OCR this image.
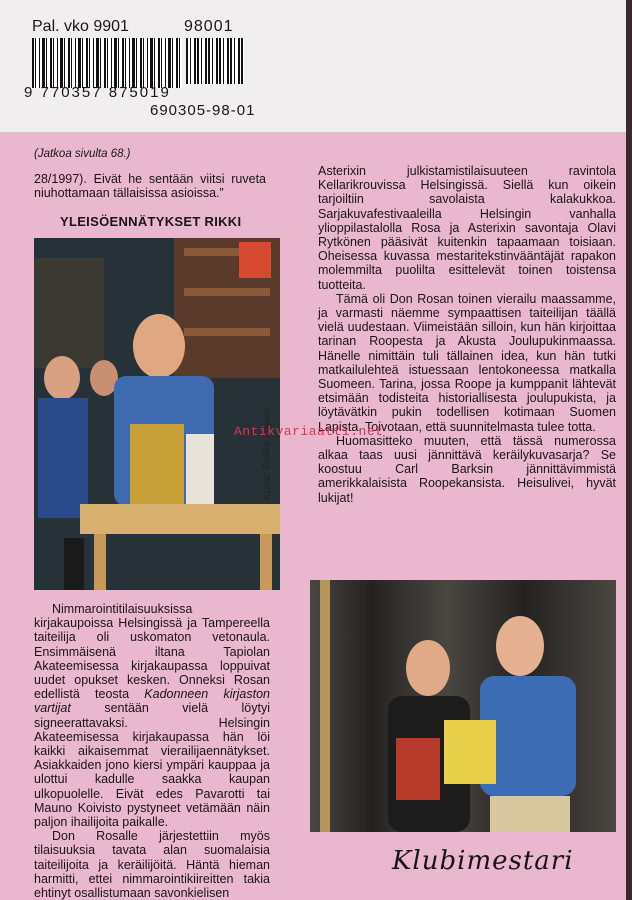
Pal. vko 9901	98001
9 770357 875019
690305-98-01
(Jatkoa sivulta 68.)

28/1997). Eivät he sentään viitsi ruveta niuhottamaan tällaisissa asioissa.”

YLEISÖENNÄTYKSET RIKKI
Kuvat: Pekka Tuliara

Nimmarointitilaisuuksissa kirjakaupoissa Helsingissä ja Tampereella taiteilija oli uskomaton vetonaula. Ensimmäisenä iltana Tapiolan Akateemisessa kirjakaupassa loppuivat uudet opukset kesken. Onneksi Rosan edellistä teosta Kadonneen kirjaston vartijat sentään vielä löytyi signeerattavaksi. Helsingin Akateemisessa kirjakaupassa hän löi kaikki aikaisemmat vierailijaennätykset. Asiakkaiden jono kiersi ympäri kauppaa ja ulottui kadulle saakka kaupan ulkopuolelle. Eivät edes Pavarotti tai Mauno Koivisto pystyneet vetämään näin paljon ihailijoita paikalle.

Don Rosalle järjestettiin myös tilaisuuksia tavata alan suomalaisia taiteilijoita ja keräilijöitä. Häntä hieman harmitti, ettei nimmarointikiireitten takia ehtinyt osallistumaan savonkielisen

Asterixin julkistamistilaisuuteen ravintola Kellarikrouvissa Helsingissä. Siellä kun oikein tarjoiltiin savolaista kalakukkoa. Sarjakuvafestivaaleilla Helsingin vanhalla ylioppilastalolla Rosa ja Asterixin savontaja Olavi Rytkönen pääsivät kuitenkin tapaamaan toisiaan. Oheisessa kuvassa mestaritekstinvääntäjät rapakon molemmilta puolilta esittelevät toinen toistensa tuotteita.

Tämä oli Don Rosan toinen vierailu maassamme, ja varmasti näemme sympaattisen taiteilijan täällä vielä uudestaan. Viimeistään silloin, kun hän kirjoittaa tarinan Roopesta ja Akusta Joulupukinmaassa. Hänelle nimittäin tuli tällainen idea, kun hän tutki matkailulehteä istuessaan lentokoneessa matkalla Suomeen. Tarina, jossa Roope ja kumppanit lähtevät etsimään todisteita historiallisesta joulupukista, ja löytävätkin pukin todellisen kotimaan Suomen Lapista. Toivotaan, että suunnitelmasta tulee totta.

Huomasitteko muuten, että tässä numerossa alkaa taas uusi jännittävä keräilykuvasarja? Se koostuu Carl Barksin jännittävimmistä amerikkalaisista Roopekansista. Heisulivei, hyvät lukijat!

Antikvariaatti.net
Klubimestari
